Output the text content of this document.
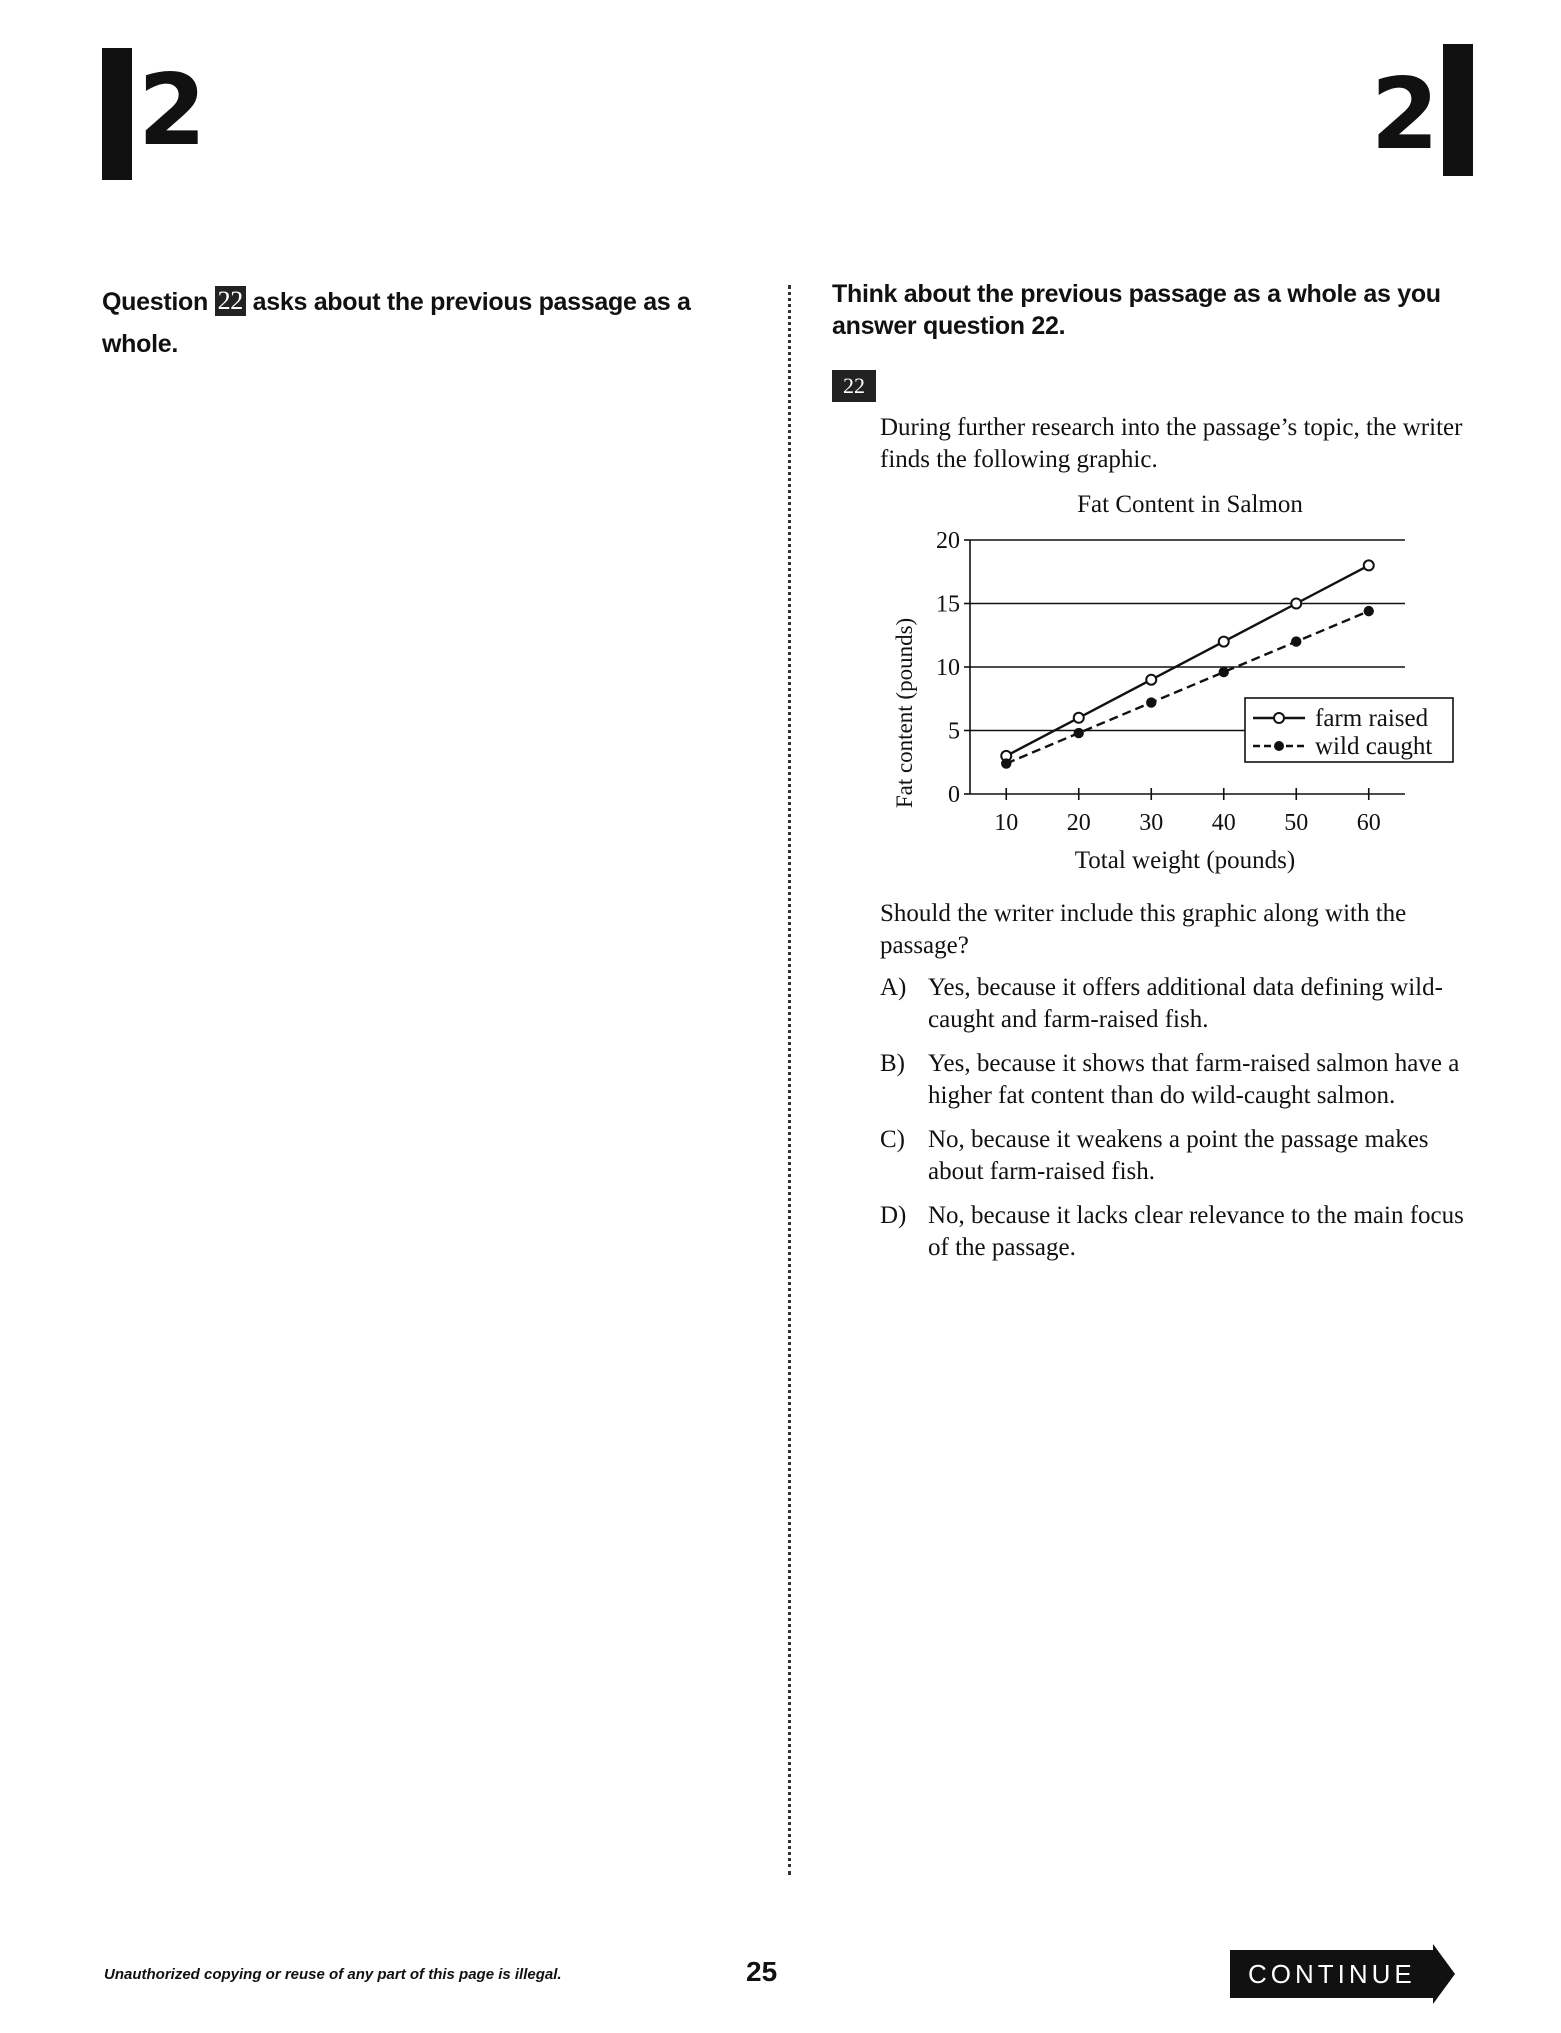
2	2
Question 22 asks about the previous passage as a whole.
Think about the previous passage as a whole as you answer question 22.
22
During further research into the passage’s topic, the writer finds the following graphic.
Fat Content in Salmon
0
5
10
15
20
10 20 30 40 50 60
Total weight (pounds)
Fat content (pounds)	farm raised
wild caught
Should the writer include this graphic along with the passage?
A) Yes, because it offers additional data defining wild-caught and farm-raised fish.
B) Yes, because it shows that farm-raised salmon have a higher fat content than do wild-caught salmon.
C) No, because it weakens a point the passage makes about farm-raised fish.
D) No, because it lacks clear relevance to the main focus of the passage.
Unauthorized copying or reuse of any part of this page is illegal.	25	CONTINUE
